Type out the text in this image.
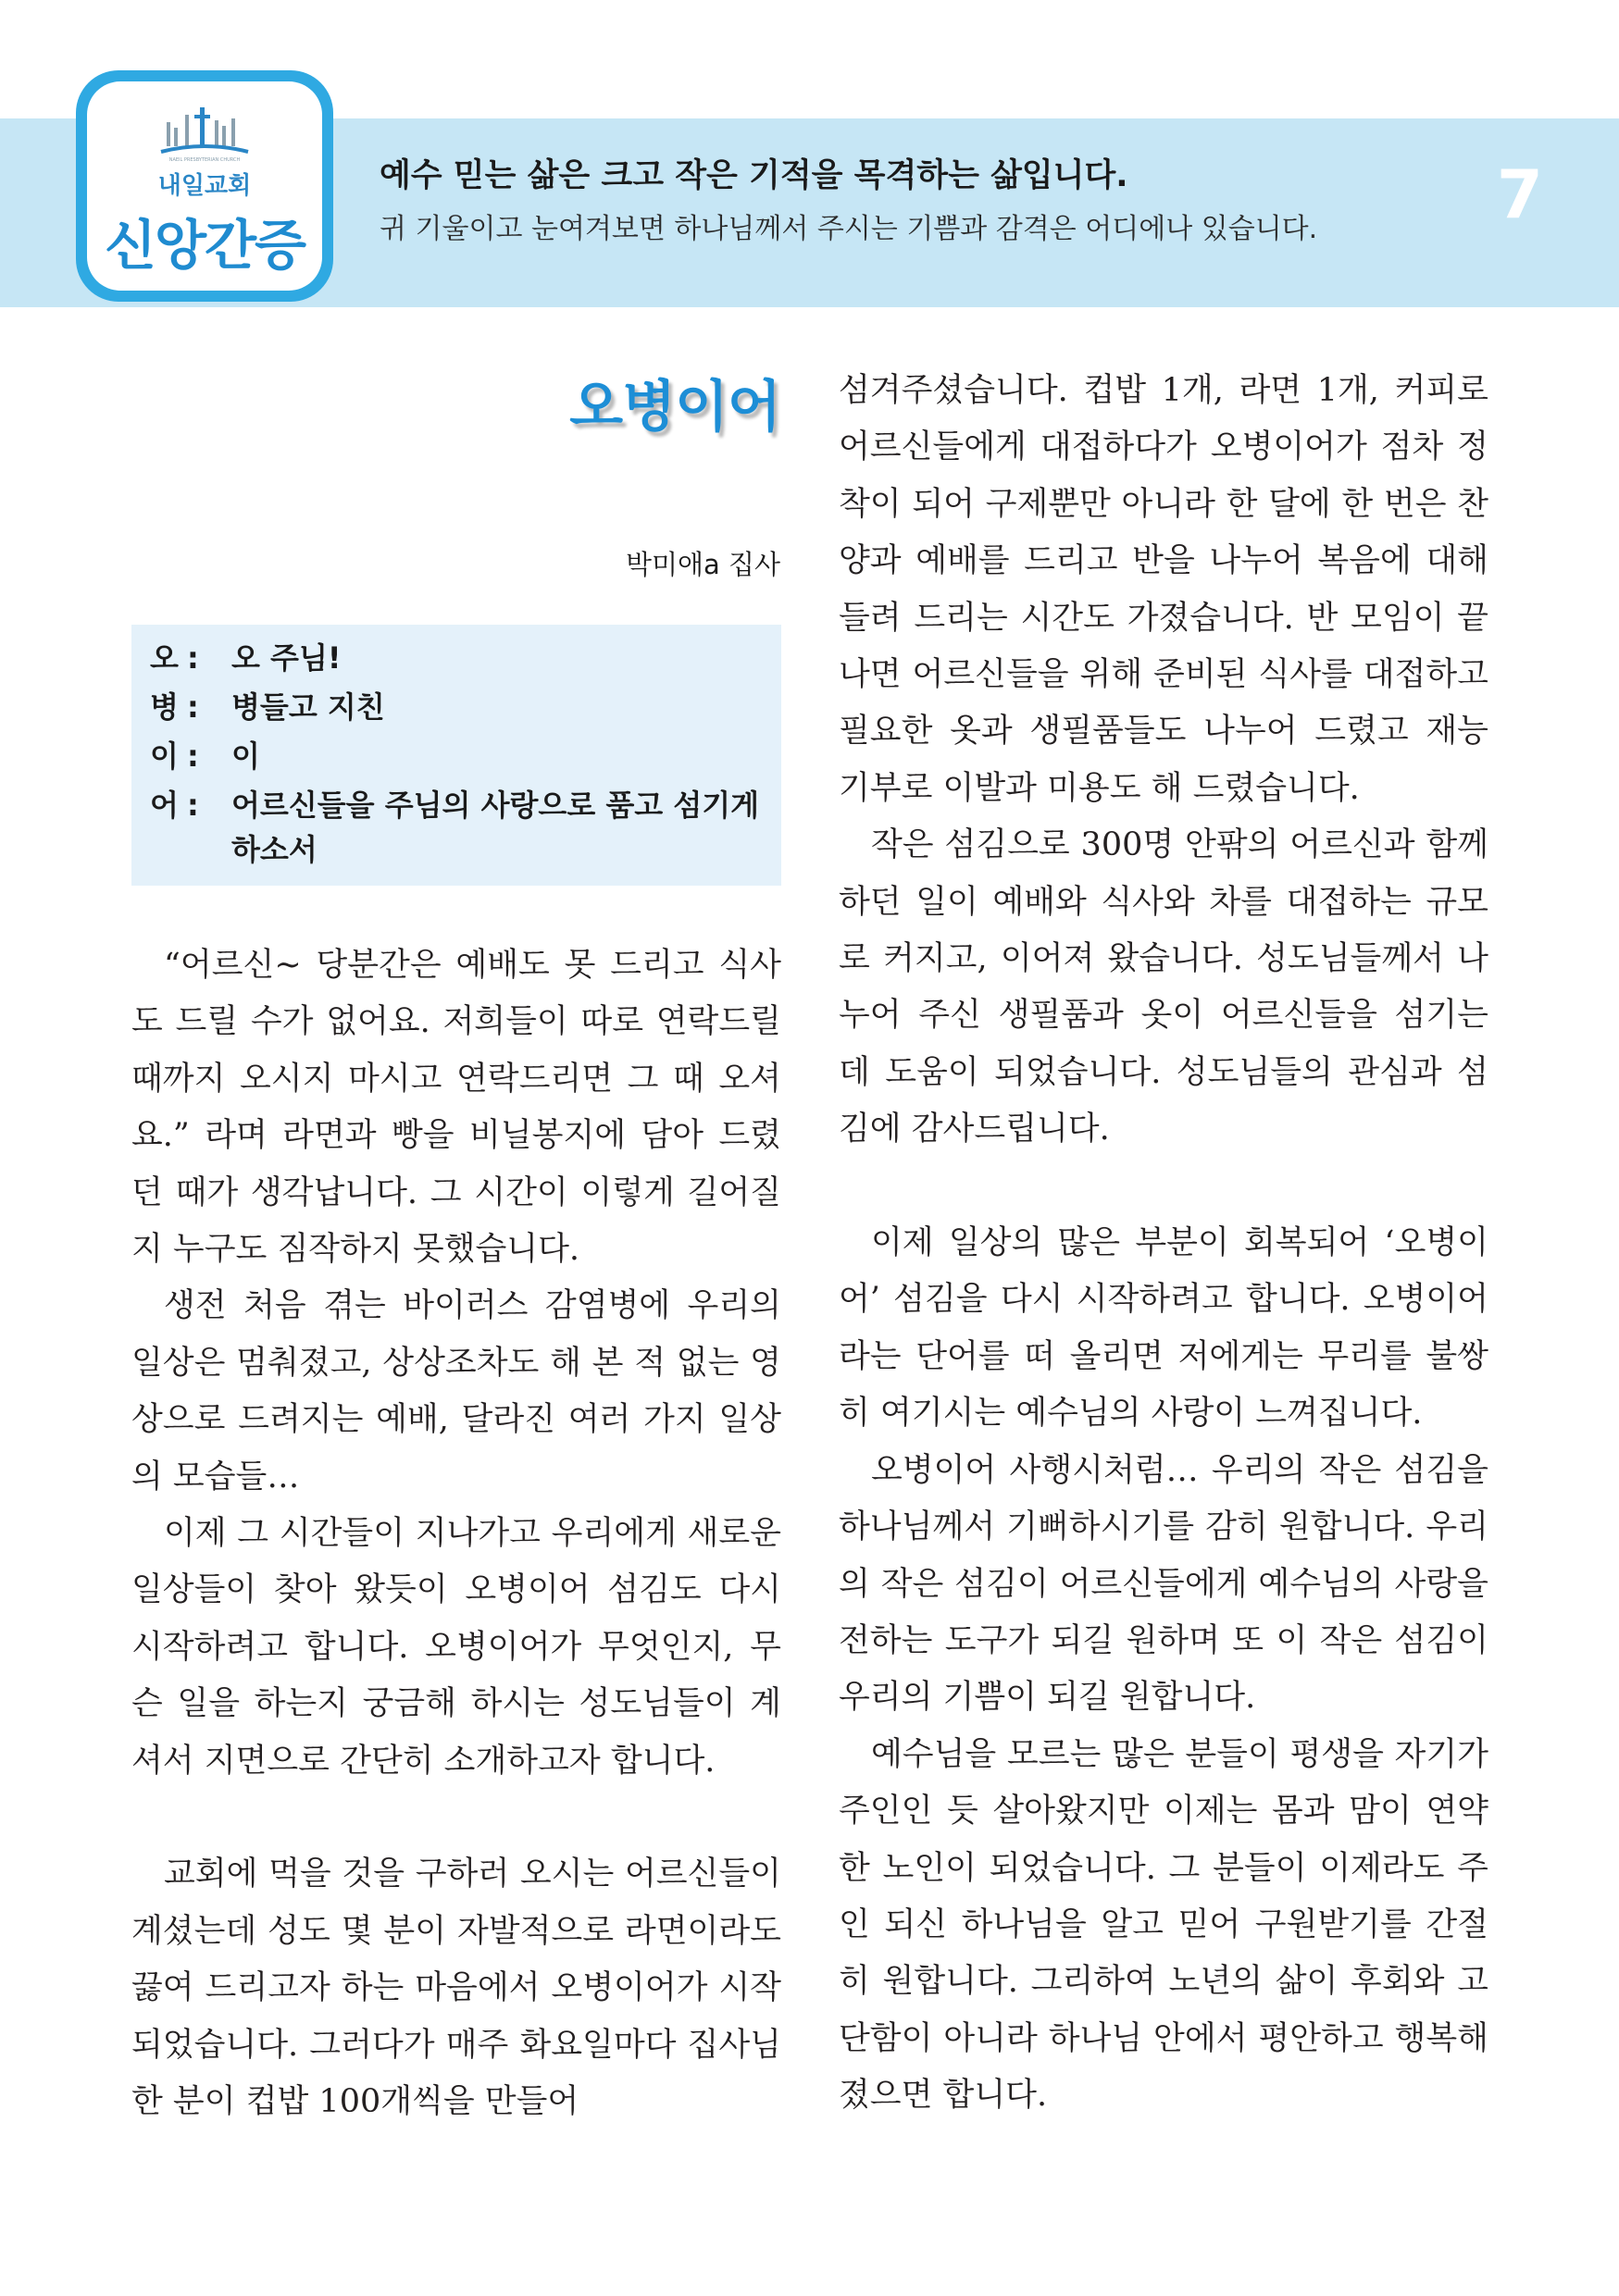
NAEIL PRESBYTERIAN CHURCH
내일교회
신앙간증
예수 믿는 삶은 크고 작은 기적을 목격하는 삶입니다.
귀 기울이고 눈여겨보면 하나님께서 주시는 기쁨과 감격은 어디에나 있습니다.	7
오병이어
박미애a 집사
오 :	오 주님!
병 :	병들고 지친
이 :	이
어 :	어르신들을 주님의 사랑으로 품고 섬기게 하소서

“어르신~ 당분간은 예배도 못 드리고 식사도 드릴 수가 없어요. 저희들이 따로 연락드릴 때까지 오시지 마시고 연락드리면 그 때 오셔요.” 라며 라면과 빵을 비닐봉지에 담아 드렸던 때가 생각납니다. 그 시간이 이렇게 길어질지 누구도 짐작하지 못했습니다.

생전 처음 겪는 바이러스 감염병에 우리의 일상은 멈춰졌고, 상상조차도 해 본 적 없는 영상으로 드려지는 예배, 달라진 여러 가지 일상의 모습들…

이제 그 시간들이 지나가고 우리에게 새로운 일상들이 찾아 왔듯이 오병이어 섬김도 다시 시작하려고 합니다. 오병이어가 무엇인지, 무슨 일을 하는지 궁금해 하시는 성도님들이 계셔서 지면으로 간단히 소개하고자 합니다.

교회에 먹을 것을 구하러 오시는 어르신들이 계셨는데 성도 몇 분이 자발적으로 라면이라도 끓여 드리고자 하는 마음에서 오병이어가 시작되었습니다. 그러다가 매주 화요일마다 집사님 한 분이 컵밥 100개씩을 만들어

섬겨주셨습니다. 컵밥 1개, 라면 1개, 커피로 어르신들에게 대접하다가 오병이어가 점차 정착이 되어 구제뿐만 아니라 한 달에 한 번은 찬양과 예배를 드리고 반을 나누어 복음에 대해 들려 드리는 시간도 가졌습니다. 반 모임이 끝나면 어르신들을 위해 준비된 식사를 대접하고 필요한 옷과 생필품들도 나누어 드렸고 재능 기부로 이발과 미용도 해 드렸습니다.

작은 섬김으로 300명 안팎의 어르신과 함께 하던 일이 예배와 식사와 차를 대접하는 규모로 커지고, 이어져 왔습니다. 성도님들께서 나누어 주신 생필품과 옷이 어르신들을 섬기는 데 도움이 되었습니다. 성도님들의 관심과 섬김에 감사드립니다.

이제 일상의 많은 부분이 회복되어 ‘오병이어’ 섬김을 다시 시작하려고 합니다. 오병이어라는 단어를 떠 올리면 저에게는 무리를 불쌍히 여기시는 예수님의 사랑이 느껴집니다.

오병이어 사행시처럼… 우리의 작은 섬김을 하나님께서 기뻐하시기를 감히 원합니다. 우리의 작은 섬김이 어르신들에게 예수님의 사랑을 전하는 도구가 되길 원하며 또 이 작은 섬김이 우리의 기쁨이 되길 원합니다.

예수님을 모르는 많은 분들이 평생을 자기가 주인인 듯 살아왔지만 이제는 몸과 맘이 연약한 노인이 되었습니다. 그 분들이 이제라도 주인 되신 하나님을 알고 믿어 구원받기를 간절히 원합니다. 그리하여 노년의 삶이 후회와 고단함이 아니라 하나님 안에서 평안하고 행복해졌으면 합니다.
